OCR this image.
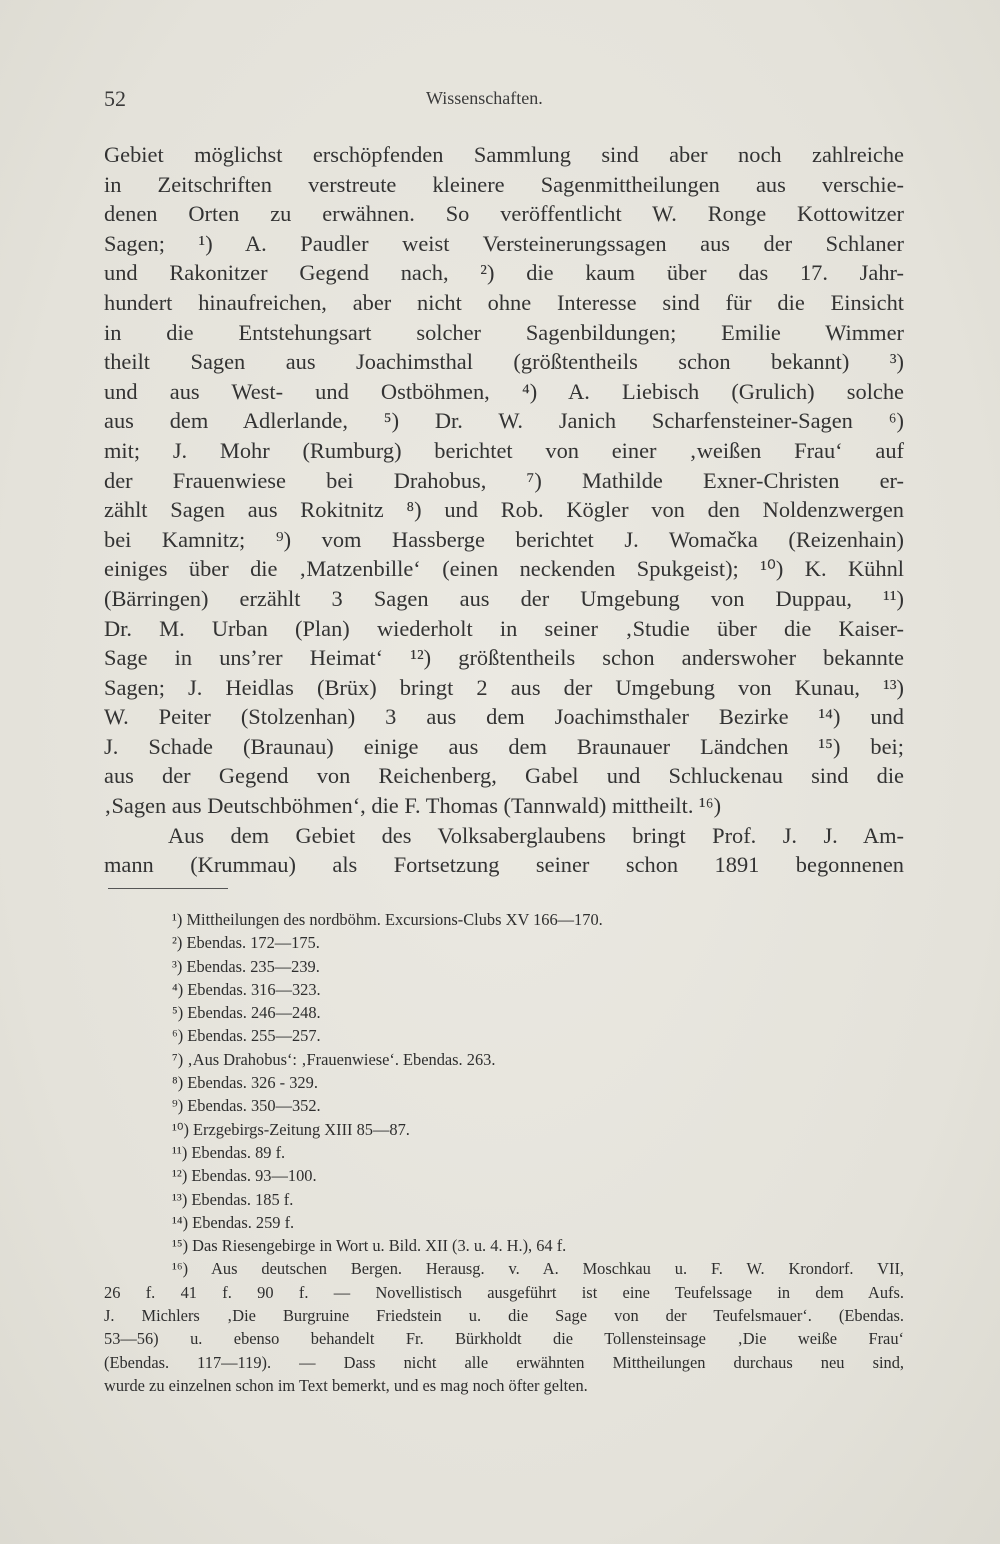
52	Wissenschaften.
Gebiet möglichst erschöpfenden Sammlung sind aber noch zahlreiche
in Zeitschriften verstreute kleinere Sagenmittheilungen aus verschie-
denen Orten zu erwähnen. So veröffentlicht W. Ronge Kottowitzer
Sagen; ¹) A. Paudler weist Versteinerungssagen aus der Schlaner
und Rakonitzer Gegend nach, ²) die kaum über das 17. Jahr-
hundert hinaufreichen, aber nicht ohne Interesse sind für die Einsicht
in die Entstehungsart solcher Sagenbildungen; Emilie Wimmer
theilt Sagen aus Joachimsthal (größtentheils schon bekannt) ³)
und aus West- und Ostböhmen, ⁴) A. Liebisch (Grulich) solche
aus dem Adlerlande, ⁵) Dr. W. Janich Scharfensteiner-Sagen ⁶)
mit; J. Mohr (Rumburg) berichtet von einer ‚weißen Frau‘ auf
der Frauenwiese bei Drahobus, ⁷) Mathilde Exner-Christen er-
zählt Sagen aus Rokitnitz ⁸) und Rob. Kögler von den Noldenzwergen
bei Kamnitz; ⁹) vom Hassberge berichtet J. Womačka (Reizenhain)
einiges über die ‚Matzenbille‘ (einen neckenden Spukgeist); ¹⁰) K. Kühnl
(Bärringen) erzählt 3 Sagen aus der Umgebung von Duppau, ¹¹)
Dr. M. Urban (Plan) wiederholt in seiner ‚Studie über die Kaiser-
Sage in uns’rer Heimat‘ ¹²) größtentheils schon anderswoher bekannte
Sagen; J. Heidlas (Brüx) bringt 2 aus der Umgebung von Kunau, ¹³)
W. Peiter (Stolzenhan) 3 aus dem Joachimsthaler Bezirke ¹⁴) und
J. Schade (Braunau) einige aus dem Braunauer Ländchen ¹⁵) bei;
aus der Gegend von Reichenberg, Gabel und Schluckenau sind die
‚Sagen aus Deutschböhmen‘, die F. Thomas (Tannwald) mittheilt. ¹⁶)
Aus dem Gebiet des Volksaberglaubens bringt Prof. J. J. Am-
mann (Krummau) als Fortsetzung seiner schon 1891 begonnenen
¹) Mittheilungen des nordböhm. Excursions-Clubs XV 166—170.
²) Ebendas. 172—175.
³) Ebendas. 235—239.
⁴) Ebendas. 316—323.
⁵) Ebendas. 246—248.
⁶) Ebendas. 255—257.
⁷) ‚Aus Drahobus‘: ‚Frauenwiese‘. Ebendas. 263.
⁸) Ebendas. 326 - 329.
⁹) Ebendas. 350—352.
¹⁰) Erzgebirgs-Zeitung XIII 85—87.
¹¹) Ebendas. 89 f.
¹²) Ebendas. 93—100.
¹³) Ebendas. 185 f.
¹⁴) Ebendas. 259 f.
¹⁵) Das Riesengebirge in Wort u. Bild. XII (3. u. 4. H.), 64 f.
¹⁶) Aus deutschen Bergen. Herausg. v. A. Moschkau u. F. W. Krondorf. VII,
26 f. 41 f. 90 f. — Novellistisch ausgeführt ist eine Teufelssage in dem Aufs.
J. Michlers ‚Die Burgruine Friedstein u. die Sage von der Teufelsmauer‘. (Ebendas.
53—56) u. ebenso behandelt Fr. Bürkholdt die Tollensteinsage ‚Die weiße Frau‘
(Ebendas. 117—119). — Dass nicht alle erwähnten Mittheilungen durchaus neu sind,
wurde zu einzelnen schon im Text bemerkt, und es mag noch öfter gelten.
